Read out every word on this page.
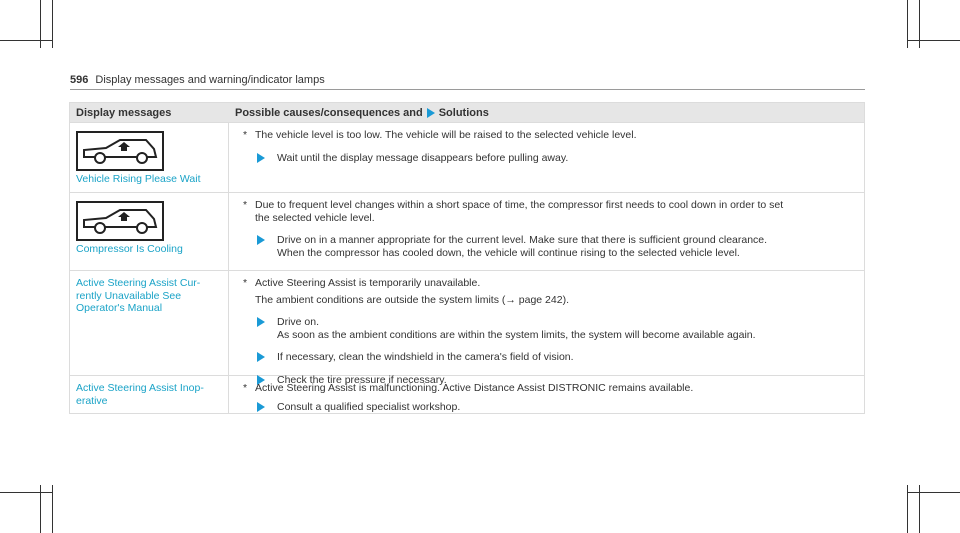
596 Display messages and warning/indicator lamps
Display messages	Possible causes/consequences and Solutions
Vehicle Rising Please Wait
* The vehicle level is too low. The vehicle will be raised to the selected vehicle level.
Wait until the display message disappears before pulling away.
Compressor Is Cooling
* Due to frequent level changes within a short space of time, the compressor first needs to cool down in order to set
the selected vehicle level.
Drive on in a manner appropriate for the current level. Make sure that there is sufficient ground clearance.
When the compressor has cooled down, the vehicle will continue rising to the selected vehicle level.
Active Steering Assist Cur-
rently Unavailable See
Operator's Manual
* Active Steering Assist is temporarily unavailable.
The ambient conditions are outside the system limits (→ page 242).
Drive on.
As soon as the ambient conditions are within the system limits, the system will become available again.
If necessary, clean the windshield in the camera's field of vision.
Check the tire pressure if necessary.
Active Steering Assist Inop-
erative
* Active Steering Assist is malfunctioning. Active Distance Assist DISTRONIC remains available.
Consult a qualified specialist workshop.
